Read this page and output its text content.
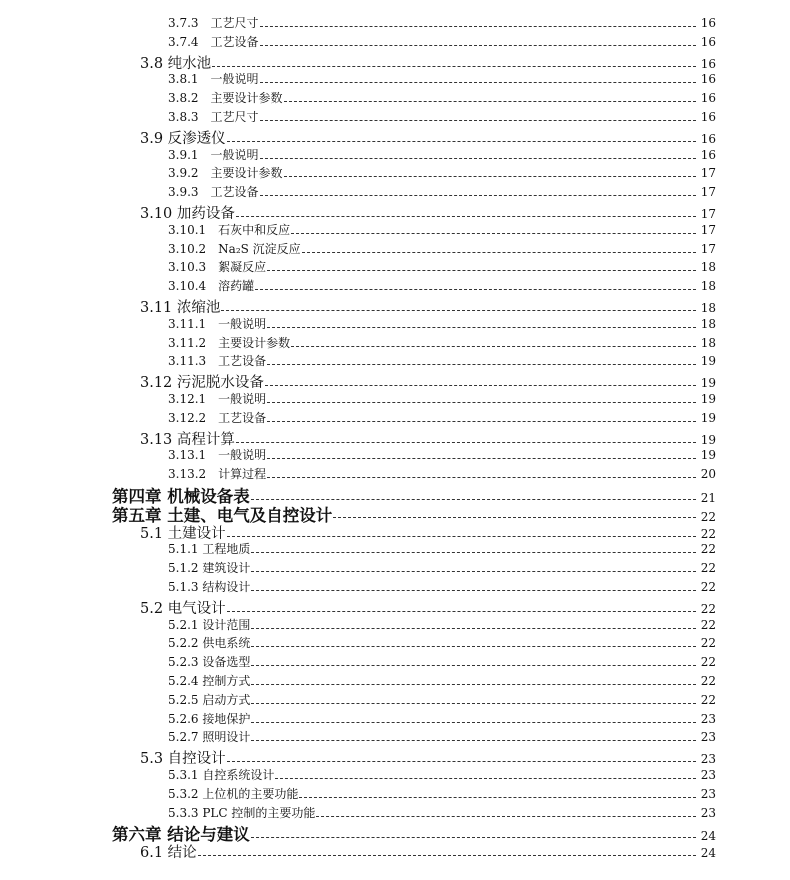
3.7.3　工艺尺寸	16
3.7.4　工艺设备	16
3.8 纯水池	16
3.8.1　一般说明	16
3.8.2　主要设计参数	16
3.8.3　工艺尺寸	16
3.9 反渗透仪	16
3.9.1　一般说明	16
3.9.2　主要设计参数	17
3.9.3　工艺设备	17
3.10 加药设备	17
3.10.1　石灰中和反应	17
3.10.2　Na₂S 沉淀反应	17
3.10.3　絮凝反应	18
3.10.4　溶药罐	18
3.11 浓缩池	18
3.11.1　一般说明	18
3.11.2　主要设计参数	18
3.11.3　工艺设备	19
3.12 污泥脱水设备	19
3.12.1　一般说明	19
3.12.2　工艺设备	19
3.13 高程计算	19
3.13.1　一般说明	19
3.13.2　计算过程	20
第四章 机械设备表	21
第五章 土建、电气及自控设计	22
5.1 土建设计	22
5.1.1 工程地质	22
5.1.2 建筑设计	22
5.1.3 结构设计	22
5.2 电气设计	22
5.2.1 设计范围	22
5.2.2 供电系统	22
5.2.3 设备选型	22
5.2.4 控制方式	22
5.2.5 启动方式	22
5.2.6 接地保护	23
5.2.7 照明设计	23
5.3 自控设计	23
5.3.1 自控系统设计	23
5.3.2 上位机的主要功能	23
5.3.3 PLC 控制的主要功能	23
第六章 结论与建议	24
6.1 结论	24
